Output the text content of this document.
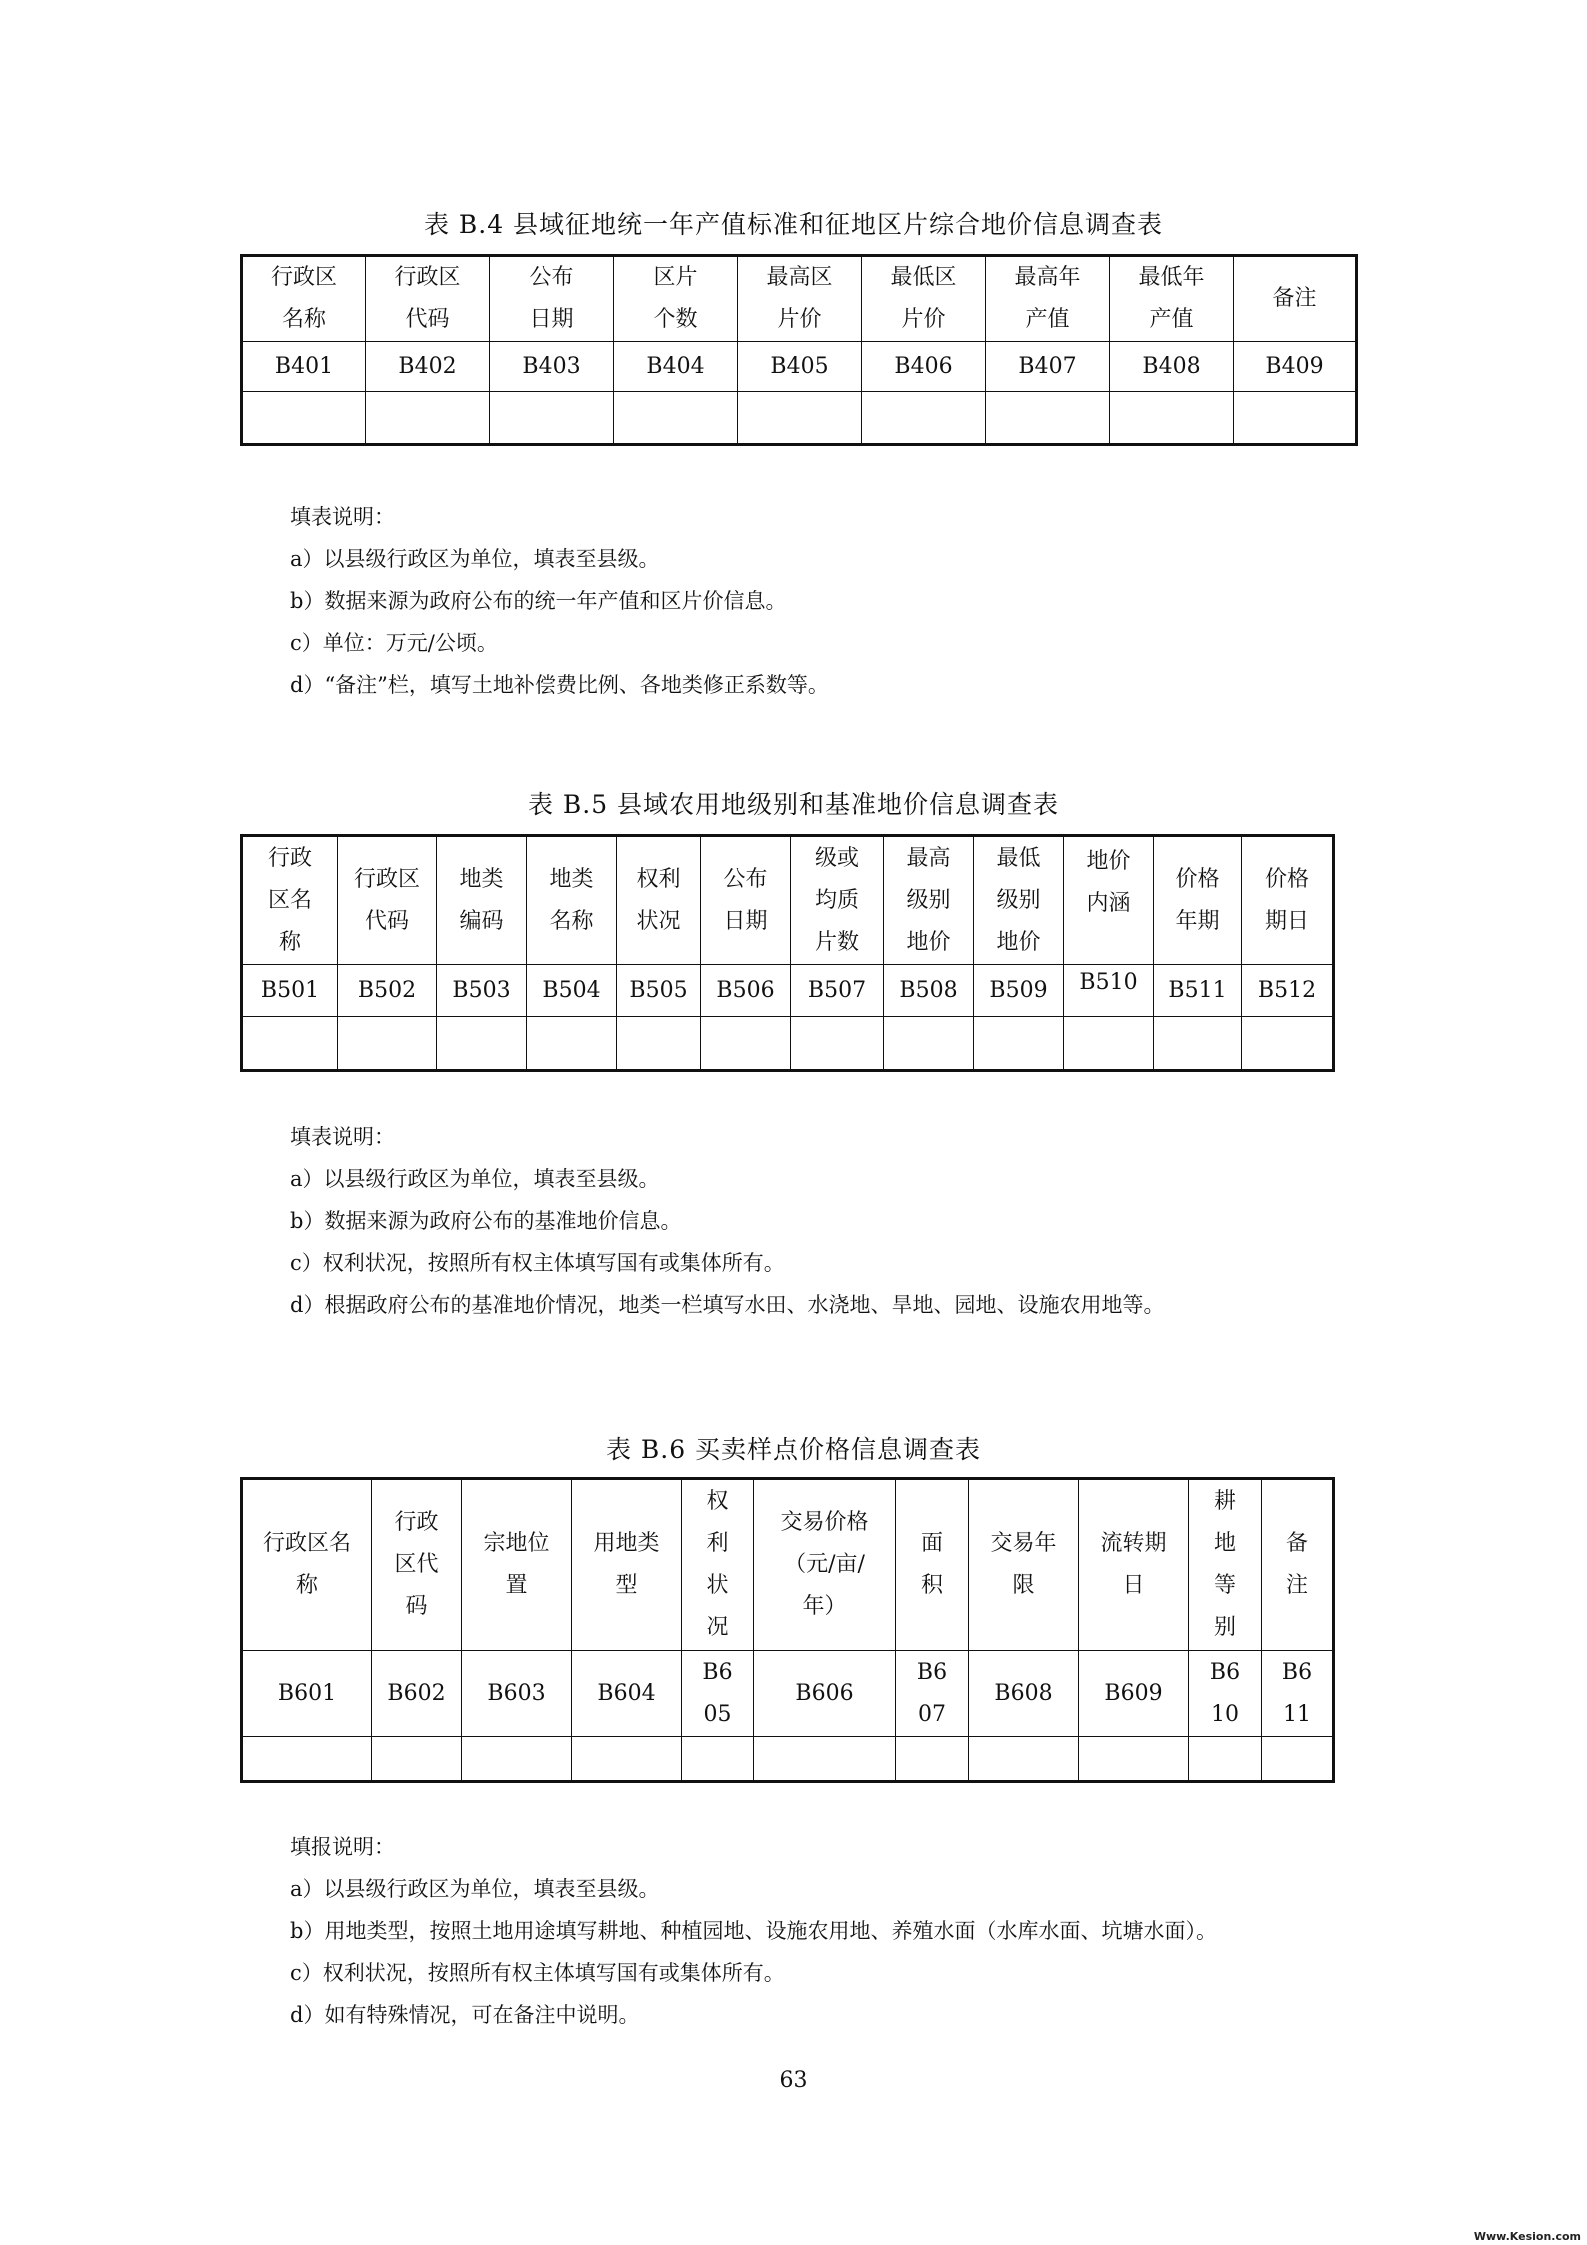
表 B.4 县域征地统一年产值标准和征地区片综合地价信息调查表
行政区名称	行政区代码	公布日期	区片个数	最高区片价	最低区片价	最高年产值	最低年产值	备注
B401	B402	B403	B404	B405	B406	B407	B408	B409

填表说明：
a）以县级行政区为单位，填表至县级。
b）数据来源为政府公布的统一年产值和区片价信息。
c）单位：万元/公顷。
d）“备注”栏，填写土地补偿费比例、各地类修正系数等。
表 B.5 县域农用地级别和基准地价信息调查表
行政区名称	行政区代码	地类编码	地类名称	权利状况	公布日期	级或均质片数	最高级别地价	最低级别地价	地价内涵	价格年期	价格期日
B501	B502	B503	B504	B505	B506	B507	B508	B509	B510	B511	B512

填表说明：
a）以县级行政区为单位，填表至县级。
b）数据来源为政府公布的基准地价信息。
c）权利状况，按照所有权主体填写国有或集体所有。
d）根据政府公布的基准地价情况，地类一栏填写水田、水浇地、旱地、园地、设施农用地等。
表 B.6 买卖样点价格信息调查表
行政区名称	行政区代码	宗地位置	用地类型	权利状况	交易价格（元/亩/年）	面积	交易年限	流转期日	耕地等别	备注
B601	B602	B603	B604	B605	B606	B607	B608	B609	B610	B611

填报说明：
a）以县级行政区为单位，填表至县级。
b）用地类型，按照土地用途填写耕地、种植园地、设施农用地、养殖水面（水库水面、坑塘水面）。
c）权利状况，按照所有权主体填写国有或集体所有。
d）如有特殊情况，可在备注中说明。
63
Www.Kesion.com
